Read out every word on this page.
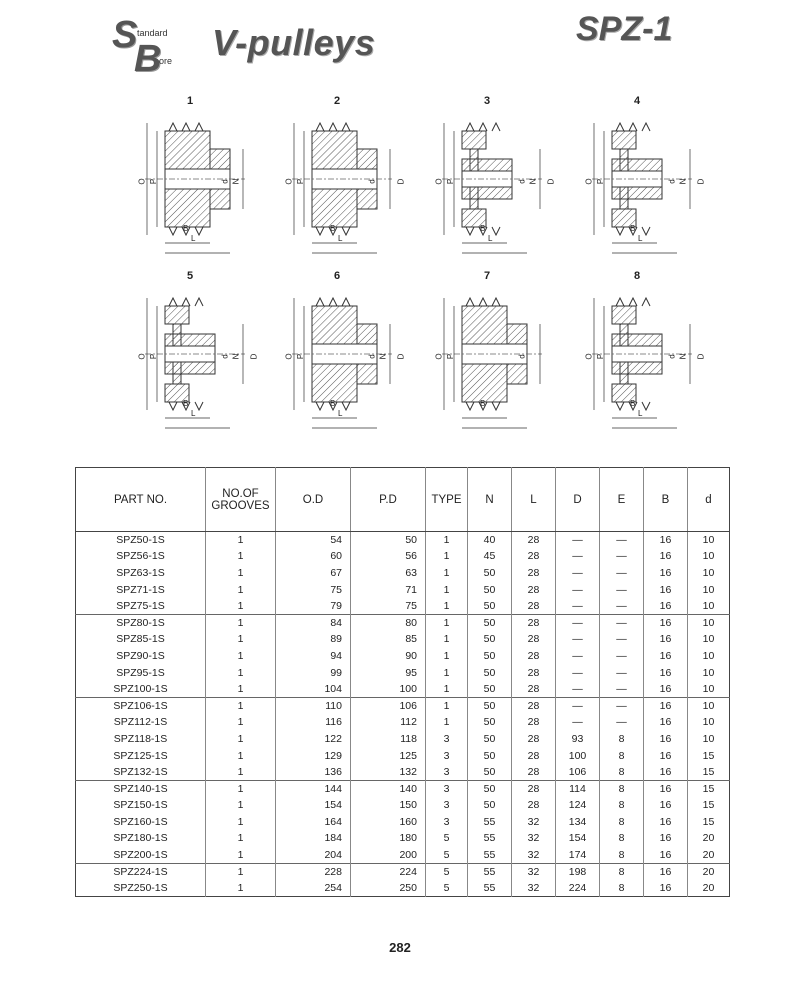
S tandard
B
ore V-pulleys	SPZ-1
1
O P	d N
B
L
2
O P	d D
L
B
3
O P	d N D
B
L
4
O P	d N D
B
L
5
O P	d N D
B
L
6
O P	d N D
L
B
7
O P	d
B
8
O P	d N D
B
L
PART NO.	NO.OF GROOVES	O.D	P.D	TYPE	N	L	D	E	B	d
SPZ50-1S	1	54	50	1	40	28	—	—	16	10
SPZ56-1S	1	60	56	1	45	28	—	—	16	10
SPZ63-1S	1	67	63	1	50	28	—	—	16	10
SPZ71-1S	1	75	71	1	50	28	—	—	16	10
SPZ75-1S	1	79	75	1	50	28	—	—	16	10
SPZ80-1S	1	84	80	1	50	28	—	—	16	10
SPZ85-1S	1	89	85	1	50	28	—	—	16	10
SPZ90-1S	1	94	90	1	50	28	—	—	16	10
SPZ95-1S	1	99	95	1	50	28	—	—	16	10
SPZ100-1S	1	104	100	1	50	28	—	—	16	10
SPZ106-1S	1	110	106	1	50	28	—	—	16	10
SPZ112-1S	1	116	112	1	50	28	—	—	16	10
SPZ118-1S	1	122	118	3	50	28	93	8	16	10
SPZ125-1S	1	129	125	3	50	28	100	8	16	15
SPZ132-1S	1	136	132	3	50	28	106	8	16	15
SPZ140-1S	1	144	140	3	50	28	114	8	16	15
SPZ150-1S	1	154	150	3	50	28	124	8	16	15
SPZ160-1S	1	164	160	3	55	32	134	8	16	15
SPZ180-1S	1	184	180	5	55	32	154	8	16	20
SPZ200-1S	1	204	200	5	55	32	174	8	16	20
SPZ224-1S	1	228	224	5	55	32	198	8	16	20
SPZ250-1S	1	254	250	5	55	32	224	8	16	20
282
